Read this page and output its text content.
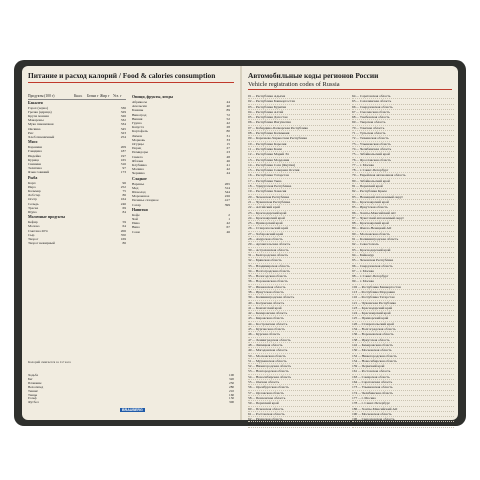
Питание и расход калорий / Food & calories consumption
Продукты (100 г)	Ккал.	Белки г Жир г	Угл. г
Бакалея
Горох (зерно)	336
Гречка (ядрица)	329
Крупа манная	326
Макароны	332
Мука пшеничная	334
Овсянка	345
Рис	323
Хлеб пшеничный	254
Мясо
Баранина	209
Говядина	187
Индейка	197
Курица	165
Свинина	316
Телятина	97
Язык говяжий	173
Рыба
Карп	96
Икра	252
Кальмар	75
Лобстер	86
Осетр	164
Сельдь	246
Треска	69
Щука	84
Молочные продукты
Кефир	59
Молоко	64
Сметана 20%	206
Сыр	350
Творог	169
Творог нежирный	86
Овощи, фрукты, ягоды
Абрикосы	44
Апельсин	40
Бананы	89
Виноград	72
Вишня	52
Груша	42
Капуста	28
Картофель	80
Лимон	31
Морковь	33
Огурцы	15
Перец	27
Помидоры	23
Свекла	48
Яблоки	46
Клубника	41
Малина	42
Черника	44
Сладкое
Варенье	265
Мед	314
Шоколад	544
Мороженое	226
Печенье сахарное	417
Сахар	399
Напитки
Кофе	2
Чай	1
Пиво	42
Вино	67
Соки	46
Калорий сжигается за 1/2 часа
Ходьба	100
Бег	320
Плавание	250
Велосипед	280
Теннис	210
Танцы	160
Гольф	150
Футбол	300
BRAUBERG
Автомобильные коды регионов России
Vehicle registration codes of Russia
01 ... Республика Адыгея
02 ... Республика Башкортостан
03 ... Республика Бурятия
04 ... Республика Алтай
05 ... Республика Дагестан
06 ... Республика Ингушетия
07 ... Кабардино-Балкарская Республика
08 ... Республика Калмыкия
09 ... Карачаево-Черкесская Республика
10 ... Республика Карелия
11 ... Республика Коми
12 ... Республика Марий Эл
13 ... Республика Мордовия
14 ... Республика Саха (Якутия)
15 ... Республика Северная Осетия
16 ... Республика Татарстан
17 ... Республика Тыва
18 ... Удмуртская Республика
19 ... Республика Хакасия
20 ... Чеченская Республика
21 ... Чувашская Республика
22 ... Алтайский край
23 ... Краснодарский край
24 ... Красноярский край
25 ... Приморский край
26 ... Ставропольский край
27 ... Хабаровский край
28 ... Амурская область
29 ... Архангельская область
30 ... Астраханская область
31 ... Белгородская область
32 ... Брянская область
33 ... Владимирская область
34 ... Волгоградская область
35 ... Вологодская область
36 ... Воронежская область
37 ... Ивановская область
38 ... Иркутская область
39 ... Калининградская область
40 ... Калужская область
41 ... Камчатский край
42 ... Кемеровская область
43 ... Кировская область
44 ... Костромская область
45 ... Курганская область
46 ... Курская область
47 ... Ленинградская область
48 ... Липецкая область
49 ... Магаданская область
50 ... Московская область
51 ... Мурманская область
52 ... Нижегородская область
53 ... Новгородская область
54 ... Новосибирская область
55 ... Омская область
56 ... Оренбургская область
57 ... Орловская область
58 ... Пензенская область
59 ... Пермский край
60 ... Псковская область
61 ... Ростовская область
62 ... Рязанская область
63 ... Самарская область
64 ... Саратовская область
65 ... Сахалинская область
66 ... Свердловская область
67 ... Смоленская область
68 ... Тамбовская область
69 ... Тверская область
70 ... Томская область
71 ... Тульская область
72 ... Тюменская область
73 ... Ульяновская область
74 ... Челябинская область
75 ... Забайкальский край
76 ... Ярославская область
77 ... г. Москва
78 ... г. Санкт-Петербург
79 ... Еврейская автономная область
80 ... Забайкальский край
81 ... Пермский край
82 ... Республика Крым
83 ... Ненецкий автономный округ
84 ... Красноярский край
85 ... Иркутская область
86 ... Ханты-Мансийский АО
87 ... Чукотский автономный округ
88 ... Красноярский край
89 ... Ямало-Ненецкий АО
90 ... Московская область
91 ... Калининградская область
92 ... Севастополь
93 ... Краснодарский край
94 ... Байконур
95 ... Чеченская Республика
96 ... Свердловская область
97 ... г. Москва
98 ... г. Санкт-Петербург
99 ... г. Москва
102 ... Республика Башкортостан
113 ... Республика Мордовия
116 ... Республика Татарстан
121 ... Чувашская Республика
123 ... Краснодарский край
124 ... Красноярский край
125 ... Приморский край
126 ... Ставропольский край
134 ... Волгоградская область
136 ... Воронежская область
138 ... Иркутская область
142 ... Кемеровская область
150 ... Московская область
152 ... Нижегородская область
154 ... Новосибирская область
159 ... Пермский край
161 ... Ростовская область
163 ... Самарская область
164 ... Саратовская область
173 ... Ульяновская область
174 ... Челябинская область
177 ... г. Москва
178 ... г. Санкт-Петербург
186 ... Ханты-Мансийский АО
190 ... Московская область
196 ... Свердловская область
197 ... г. Москва
